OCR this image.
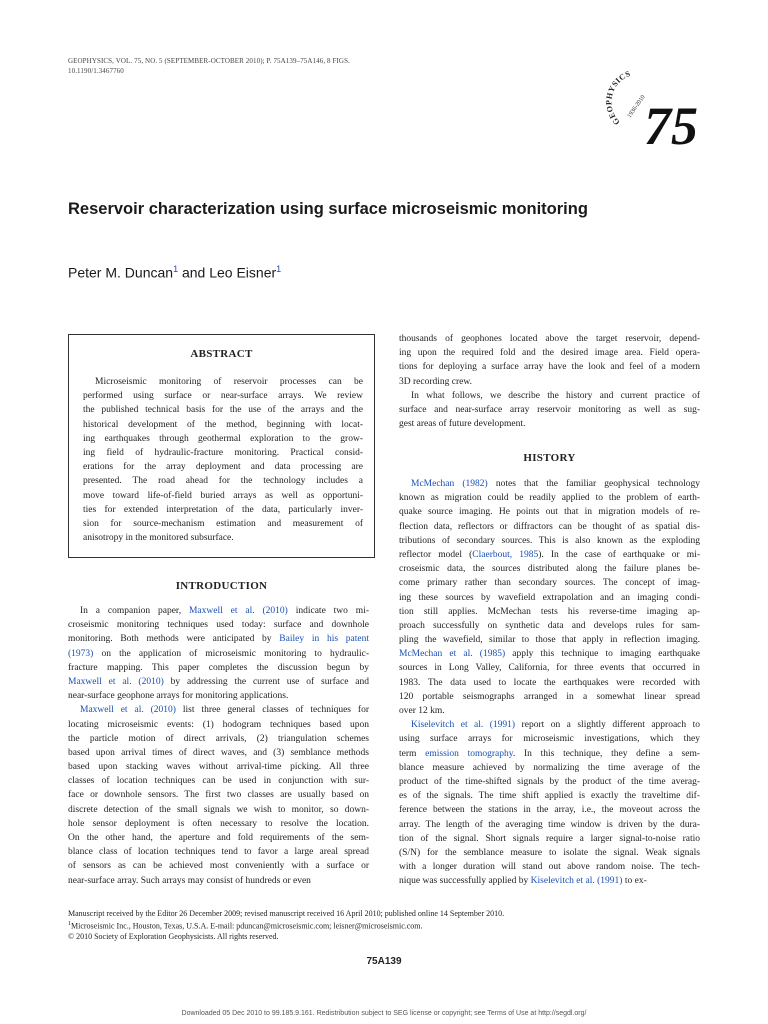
GEOPHYSICS, VOL. 75, NO. 5 (SEPTEMBER-OCTOBER 2010); P. 75A139–75A146, 8 FIGS.
10.1190/1.3467760
GEOPHYSICS
1936-2010
75
Reservoir characterization using surface microseismic monitoring
Peter M. Duncan$^1$ and Leo Eisner$^1$
ABSTRACT
Microseismic monitoring of reservoir processes can be
performed using surface or near-surface arrays. We review
the published technical basis for the use of the arrays and the
historical development of the method, beginning with locat-
ing earthquakes through geothermal exploration to the grow-
ing field of hydraulic-fracture monitoring. Practical consid-
erations for the array deployment and data processing are
presented. The road ahead for the technology includes a
move toward life-of-field buried arrays as well as opportuni-
ties for extended interpretation of the data, particularly inver-
sion for source-mechanism estimation and measurement of
anisotropy in the monitored subsurface.
INTRODUCTION
In a companion paper, Maxwell et al. (2010) indicate two mi-
croseismic monitoring techniques used today: surface and downhole
monitoring. Both methods were anticipated by Bailey in his patent
(1973) on the application of microseismic monitoring to hydraulic-
fracture mapping. This paper completes the discussion begun by
Maxwell et al. (2010) by addressing the current use of surface and
near-surface geophone arrays for monitoring applications.
Maxwell et al. (2010) list three general classes of techniques for
locating microseismic events: (1) hodogram techniques based upon
the particle motion of direct arrivals, (2) triangulation schemes
based upon arrival times of direct waves, and (3) semblance methods
based upon stacking waves without arrival-time picking. All three
classes of location techniques can be used in conjunction with sur-
face or downhole sensors. The first two classes are usually based on
discrete detection of the small signals we wish to monitor, so down-
hole sensor deployment is often necessary to resolve the location.
On the other hand, the aperture and fold requirements of the sem-
blance class of location techniques tend to favor a large areal spread
of sensors as can be achieved most conveniently with a surface or
near-surface array. Such arrays may consist of hundreds or even
thousands of geophones located above the target reservoir, depend-
ing upon the required fold and the desired image area. Field opera-
tions for deploying a surface array have the look and feel of a modern
3D recording crew.
In what follows, we describe the history and current practice of
surface and near-surface array reservoir monitoring as well as sug-
gest areas of future development.
HISTORY
McMechan (1982) notes that the familiar geophysical technology
known as migration could be readily applied to the problem of earth-
quake source imaging. He points out that in migration models of re-
flection data, reflectors or diffractors can be thought of as spatial dis-
tributions of secondary sources. This is also known as the exploding
reflector model (Claerbout, 1985). In the case of earthquake or mi-
croseismic data, the sources distributed along the failure planes be-
come primary rather than secondary sources. The concept of imag-
ing these sources by wavefield extrapolation and an imaging condi-
tion still applies. McMechan tests his reverse-time imaging ap-
proach successfully on synthetic data and develops rules for sam-
pling the wavefield, similar to those that apply in reflection imaging.
McMechan et al. (1985) apply this technique to imaging earthquake
sources in Long Valley, California, for three events that occurred in
1983. The data used to locate the earthquakes were recorded with
120 portable seismographs arranged in a somewhat linear spread
over 12 km.
Kiselevitch et al. (1991) report on a slightly different approach to
using surface arrays for microseismic investigations, which they
term emission tomography. In this technique, they define a sem-
blance measure achieved by normalizing the time average of the
product of the time-shifted signals by the product of the time averag-
es of the signals. The time shift applied is exactly the traveltime dif-
ference between the stations in the array, i.e., the moveout across the
array. The length of the averaging time window is driven by the dura-
tion of the signal. Short signals require a larger signal-to-noise ratio
(S/N) for the semblance measure to isolate the signal. Weak signals
with a longer duration will stand out above random noise. The tech-
nique was successfully applied by Kiselevitch et al. (1991) to ex-
Manuscript received by the Editor 26 December 2009; revised manuscript received 16 April 2010; published online 14 September 2010.
$^1$Microseismic Inc., Houston, Texas, U.S.A. E-mail: pduncan@microseismic.com; leisner@microseismic.com.
© 2010 Society of Exploration Geophysicists. All rights reserved.
75A139
Downloaded 05 Dec 2010 to 99.185.9.161. Redistribution subject to SEG license or copyright; see Terms of Use at http://segdl.org/
